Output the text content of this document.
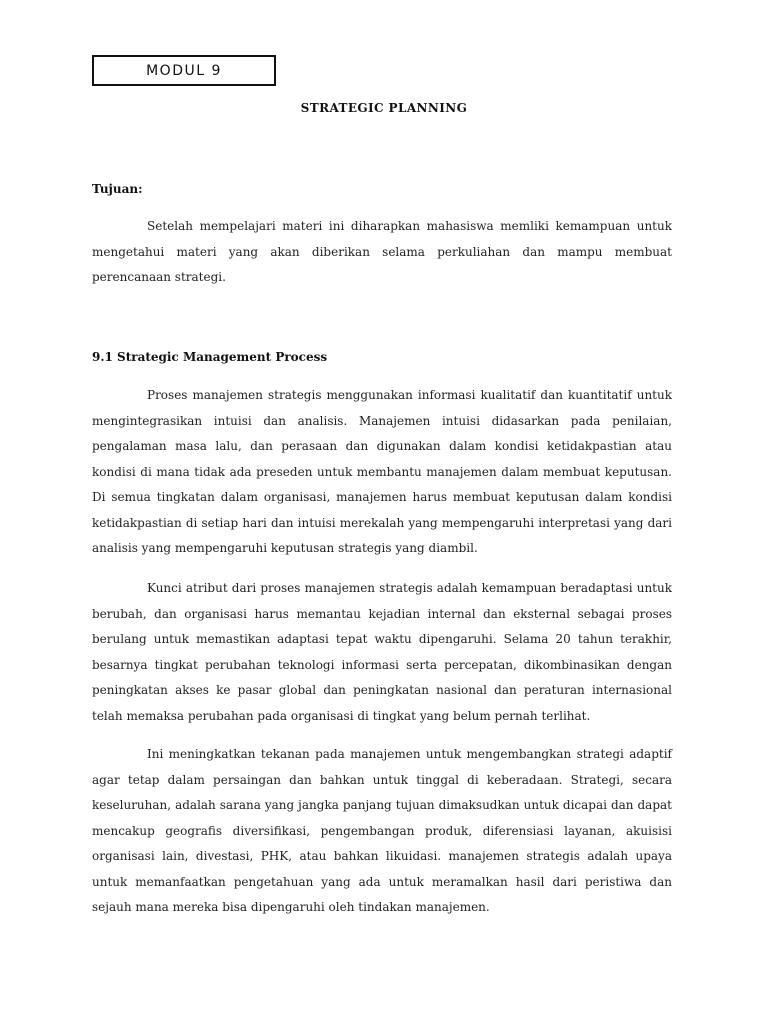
MODUL 9
STRATEGIC PLANNING
Tujuan:

Setelah mempelajari materi ini diharapkan mahasiswa memliki kemampuan untuk mengetahui materi yang akan diberikan selama perkuliahan dan mampu membuat perencanaan strategi.

9.1 Strategic Management Process

Proses manajemen strategis menggunakan informasi kualitatif dan kuantitatif untuk mengintegrasikan intuisi dan analisis. Manajemen intuisi didasarkan pada penilaian, pengalaman masa lalu, dan perasaan dan digunakan dalam kondisi ketidakpastian atau kondisi di mana tidak ada preseden untuk membantu manajemen dalam membuat keputusan. Di semua tingkatan dalam organisasi, manajemen harus membuat keputusan dalam kondisi ketidakpastian di setiap hari dan intuisi merekalah yang mempengaruhi interpretasi yang dari analisis yang mempengaruhi keputusan strategis yang diambil.

Kunci atribut dari proses manajemen strategis adalah kemampuan beradaptasi untuk berubah, dan organisasi harus memantau kejadian internal dan eksternal sebagai proses berulang untuk memastikan adaptasi tepat waktu dipengaruhi. Selama 20 tahun terakhir, besarnya tingkat perubahan teknologi informasi serta percepatan, dikombinasikan dengan peningkatan akses ke pasar global dan peningkatan nasional dan peraturan internasional telah memaksa perubahan pada organisasi di tingkat yang belum pernah terlihat.

Ini meningkatkan tekanan pada manajemen untuk mengembangkan strategi adaptif agar tetap dalam persaingan dan bahkan untuk tinggal di keberadaan. Strategi, secara keseluruhan, adalah sarana yang jangka panjang tujuan dimaksudkan untuk dicapai dan dapat mencakup geografis diversifikasi, pengembangan produk, diferensiasi layanan, akuisisi organisasi lain, divestasi, PHK, atau bahkan likuidasi. manajemen strategis adalah upaya untuk memanfaatkan pengetahuan yang ada untuk meramalkan hasil dari peristiwa dan sejauh mana mereka bisa dipengaruhi oleh tindakan manajemen.
